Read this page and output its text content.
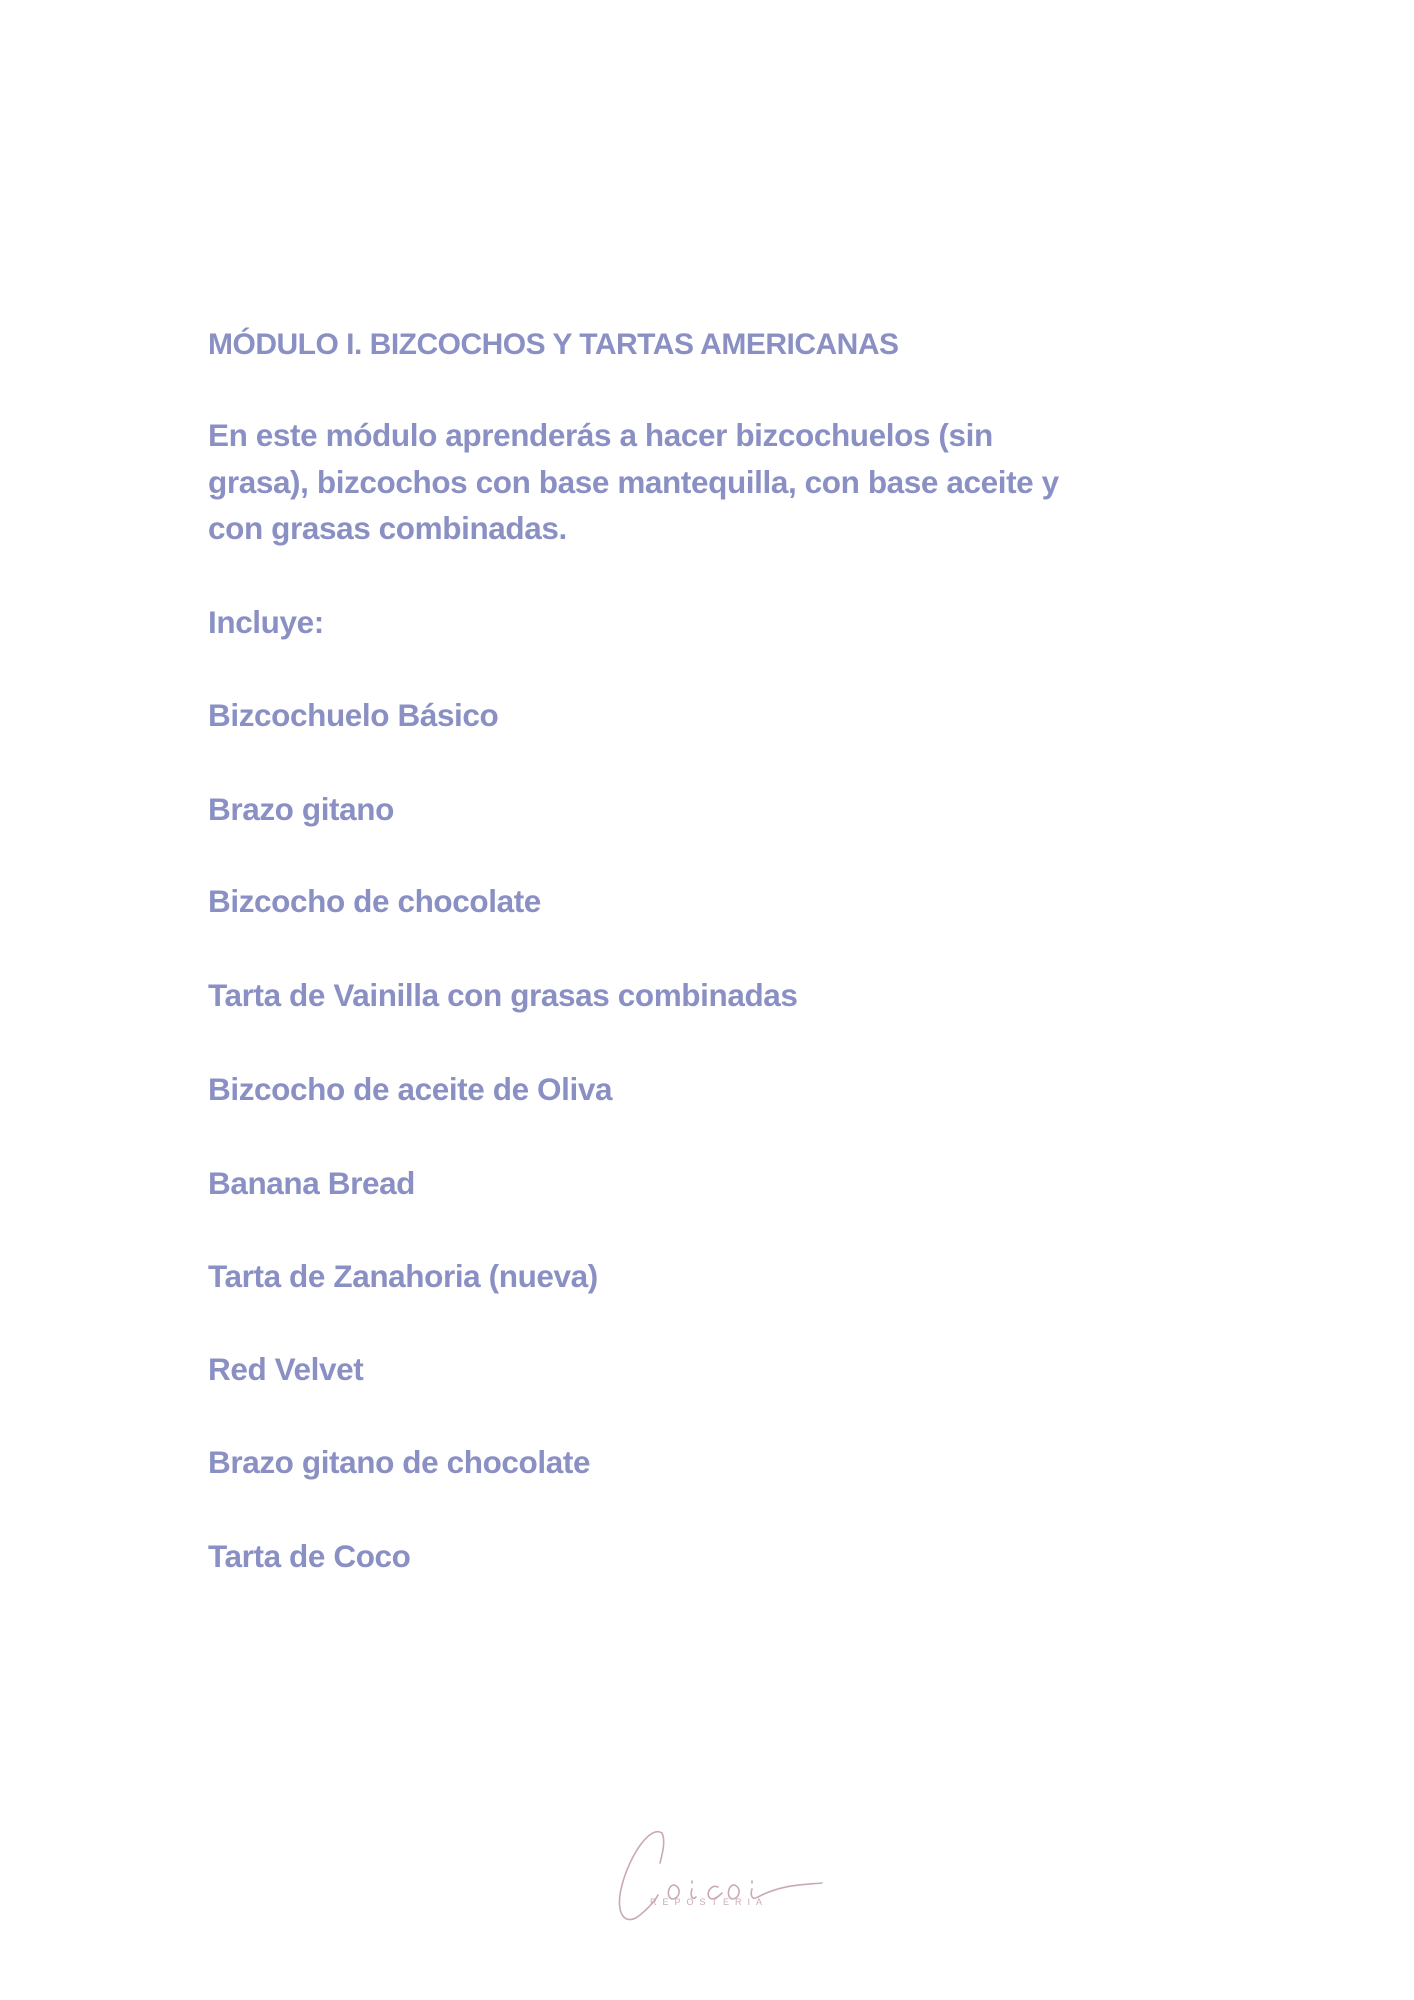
MÓDULO I. BIZCOCHOS Y TARTAS AMERICANAS
En este módulo aprenderás a hacer bizcochuelos (sin
grasa), bizcochos con base mantequilla, con base aceite y
con grasas combinadas.
Incluye:
Bizcochuelo Básico
Brazo gitano
Bizcocho de chocolate
Tarta de Vainilla con grasas combinadas
Bizcocho de aceite de Oliva
Banana Bread
Tarta de Zanahoria (nueva)
Red Velvet
Brazo gitano de chocolate
Tarta de Coco
REPOSTERIA
